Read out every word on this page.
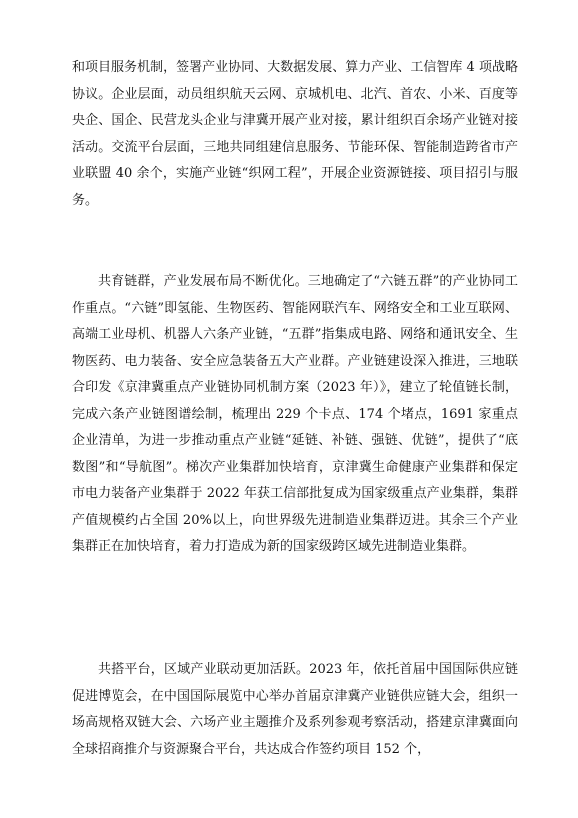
和项目服务机制，签署产业协同、大数据发展、算力产业、工信智库 4 项战略协议。企业层面，动员组织航天云网、京城机电、北汽、首农、小米、百度等央企、国企、民营龙头企业与津冀开展产业对接，累计组织百余场产业链对接活动。交流平台层面，三地共同组建信息服务、节能环保、智能制造跨省市产业联盟 40 余个，实施产业链“织网工程”，开展企业资源链接、项目招引与服务。

共育链群，产业发展布局不断优化。三地确定了“六链五群”的产业协同工作重点。“六链”即氢能、生物医药、智能网联汽车、网络安全和工业互联网、高端工业母机、机器人六条产业链，“五群”指集成电路、网络和通讯安全、生物医药、电力装备、安全应急装备五大产业群。产业链建设深入推进，三地联合印发《京津冀重点产业链协同机制方案（2023 年）》，建立了轮值链长制，完成六条产业链图谱绘制，梳理出 229 个卡点、174 个堵点，1691 家重点企业清单，为进一步推动重点产业链“延链、补链、强链、优链”，提供了“底数图”和“导航图”。梯次产业集群加快培育，京津冀生命健康产业集群和保定市电力装备产业集群于 2022 年获工信部批复成为国家级重点产业集群，集群产值规模约占全国 20%以上，向世界级先进制造业集群迈进。其余三个产业集群正在加快培育，着力打造成为新的国家级跨区域先进制造业集群。

共搭平台，区域产业联动更加活跃。2023 年，依托首届中国国际供应链促进博览会，在中国国际展览中心举办首届京津冀产业链供应链大会，组织一场高规格双链大会、六场产业主题推介及系列参观考察活动，搭建京津冀面向全球招商推介与资源聚合平台，共达成合作签约项目 152 个，
